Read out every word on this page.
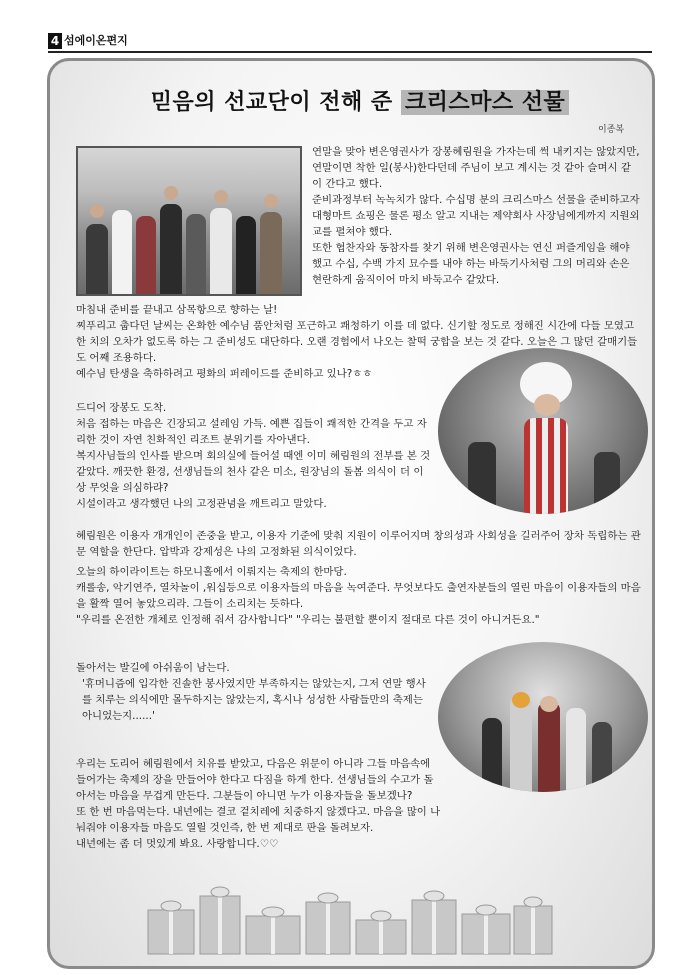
4 섬에이온편지
믿음의 선교단이 전해 준 크리스마스 선물
이종복

연말을 맞아 변은영권사가 장봉혜림원을 가자는데 썩 내키지는 않았지만, 연말이면 착한 일(봉사)한다던데 주님이 보고 계시는 것 같아 슬며시 같이 간다고 했다.

준비과정부터 녹녹치가 않다. 수십명 분의 크리스마스 선물을 준비하고자 대형마트 쇼핑은 물론 평소 알고 지내는 제약회사 사장님에게까지 지원외교를 펼쳐야 했다.

또한 협찬자와 동참자를 찾기 위해 변은영권사는 연신 퍼즐게임을 해야 했고 수십, 수백 가지 묘수를 내야 하는 바둑기사처럼 그의 머리와 손은 현란하게 움직이어 마치 바둑고수 같았다.

마침내 준비를 끝내고 삼목항으로 향하는 날!

찌푸리고 춥다던 날씨는 온화한 예수님 품안처럼 포근하고 쾌청하기 이를 데 없다. 신기할 정도로 정해진 시간에 다들 모였고 한 치의 오차가 없도록 하는 그 준비성도 대단하다. 오랜 경험에서 나오는 찰떡 궁합을 보는 것 같다. 오늘은 그 많던 갈매기들도 어째 조용하다.

예수님 탄생을 축하하려고 평화의 퍼레이드를 준비하고 있나?ㅎㅎ

드디어 장봉도 도착.

처음 접하는 마음은 긴장되고 설레임 가득. 예쁜 집들이 쾌적한 간격을 두고 자리한 것이 자연 친화적인 리조트 분위기를 자아낸다.

복지사님들의 인사를 받으며 회의실에 들어설 때엔 이미 혜림원의 전부를 본 것 같았다. 깨끗한 환경, 선생님들의 천사 같은 미소, 원장님의 돌봄 의식이 더 이상 무엇을 의심하랴?

시설이라고 생각했던 나의 고정관념을 깨트리고 말았다.

혜림원은 이용자 개개인이 존중을 받고, 이용자 기준에 맞춰 지원이 이루어지며 창의성과 사회성을 길러주어 장차 독립하는 관문 역할을 한단다. 압박과 강제성은 나의 고정화된 의식이었다.

오늘의 하이라이트는 하모니홀에서 이뤄지는 축제의 한마당.

캐롤송, 악기연주, 열차놀이 ,워십등으로 이용자들의 마음을 녹여준다. 무엇보다도 출연자분들의 열린 마음이 이용자들의 마음을 활짝 열어 놓았으리라. 그들이 소리치는 듯하다.

"우리를 온전한 개체로 인정해 줘서 감사합니다" "우리는 불편할 뿐이지 절대로 다른 것이 아니거든요."

돌아서는 발길에 아쉬움이 남는다.

'휴머니즘에 입각한 진솔한 봉사였지만 부족하지는 않았는지, 그저 연말 행사를 치루는 의식에만 몰두하지는 않았는지, 혹시나 성성한 사람들만의 축제는 아니었는지......'

우리는 도리어 혜림원에서 치유를 받았고, 다음은 위문이 아니라 그들 마음속에 들어가는 축제의 장을 만들어야 한다고 다짐을 하게 한다. 선생님들의 수고가 돌아서는 마음을 무겁게 만든다. 그분들이 아니면 누가 이용자들을 돌보겠나?

또 한 번 마음먹는다. 내년에는 결코 겉치레에 치중하지 않겠다고. 마음을 많이 나눠줘야 이용자들 마음도 열릴 것인즉, 한 번 제대로 판을 돌려보자.

내년에는 좀 더 멋있게 봐요. 사랑합니다.♡♡
